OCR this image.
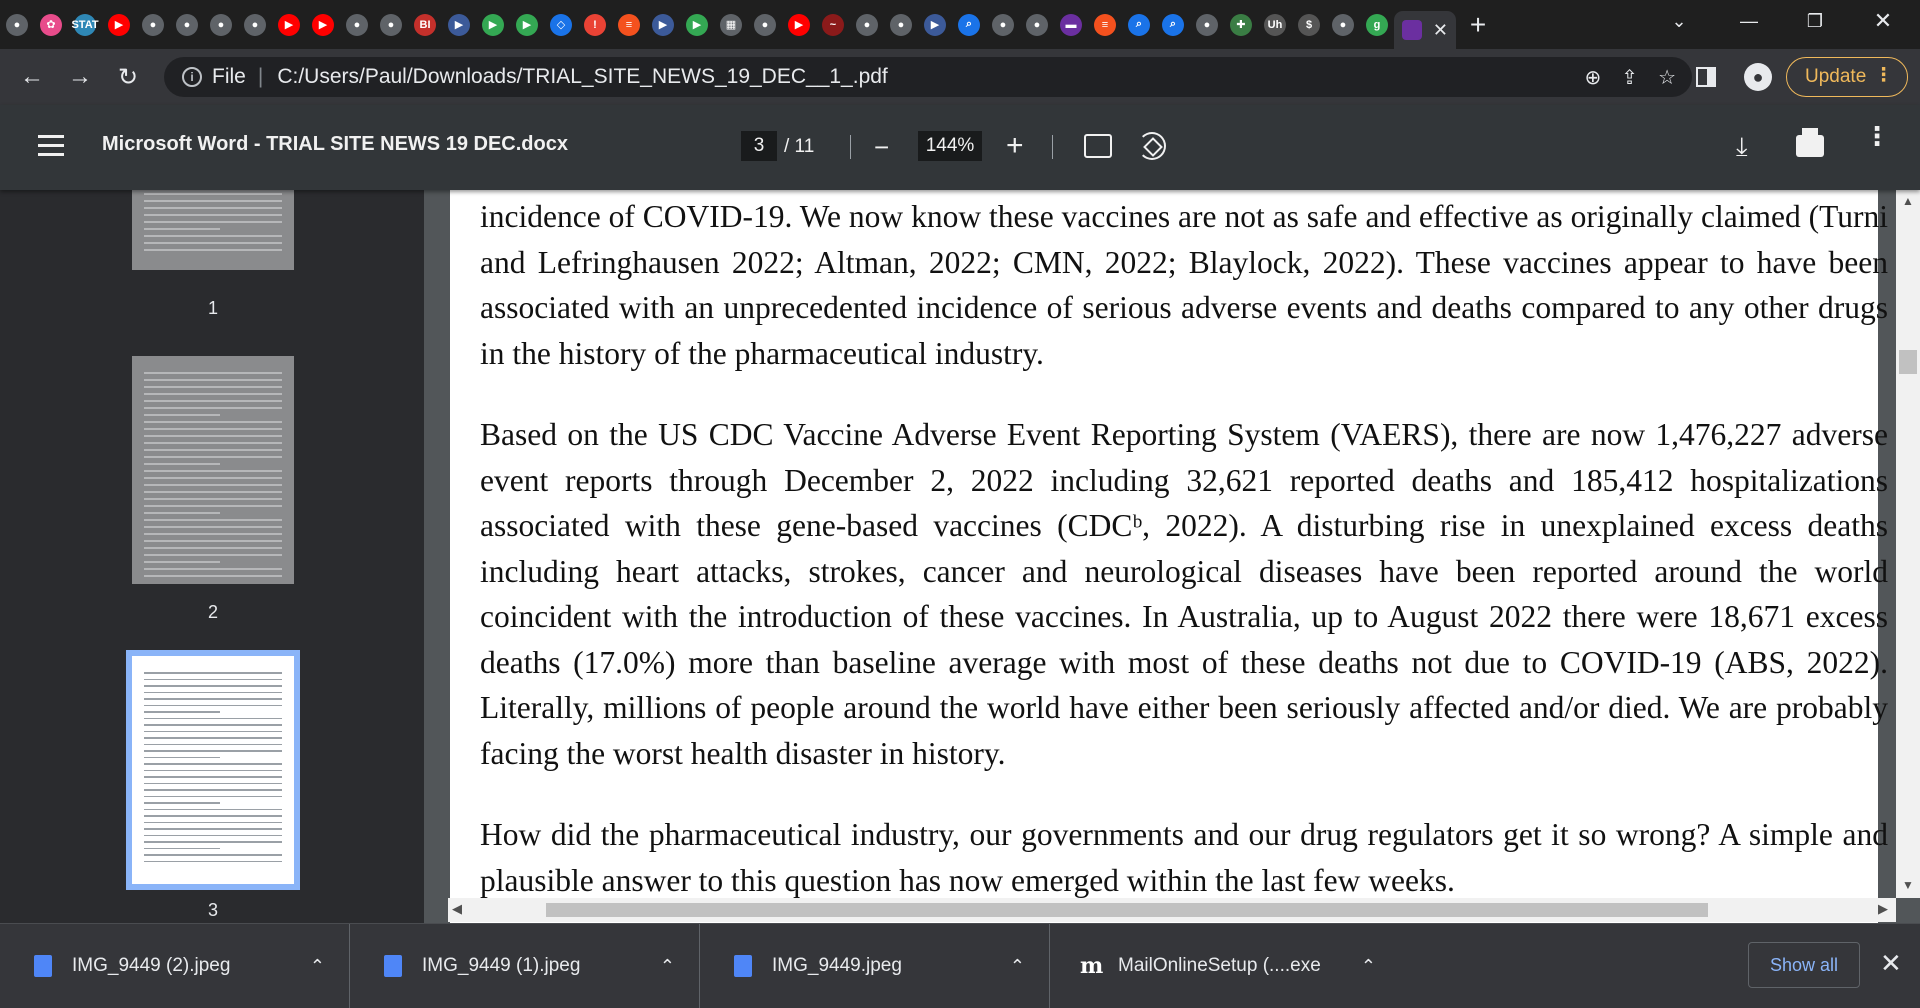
●	✿	STAT	▶	●	●	●	●	▶	▶	●	●	BI	▶	▶	▶	◇	!	≡	▶	▶	▦	●	▶	~	●	●	▶	⌕	●	●	▬	≡	⌕	⌕	●	✚	Uh	$	●	g	✕ +	⌄	—	❐	✕
←	→	↻	i File | C:/Users/Paul/Downloads/TRIAL_SITE_NEWS_19_DEC__1_.pdf	⊕ ⇪ ☆	●	Update ⋮
Microsoft Word - TRIAL SITE NEWS 19 DEC.docx	3	/ 11 −	144% +	⤓	⋮
1
2
3
incidence of COVID-19. We now know these vaccines are not as safe and effective as originally claimed (Turni and Lefringhausen 2022; Altman, 2022; CMN, 2022; Blaylock, 2022). These vaccines appear to have been associated with an unprecedented incidence of serious adverse events and deaths compared to any other drugs in the history of the pharmaceutical industry.
Based on the US CDC Vaccine Adverse Event Reporting System (VAERS), there are now 1,476,227 adverse event reports through December 2, 2022 including 32,621 reported deaths and 185,412 hospitalizations associated with these gene-based vaccines (CDCᵇ, 2022). A disturbing rise in unexplained excess deaths including heart attacks, strokes, cancer and neurological diseases have been reported around the world coincident with the introduction of these vaccines. In Australia, up to August 2022 there were 18,671 excess deaths (17.0%) more than baseline average with most of these deaths not due to COVID-19 (ABS, 2022). Literally, millions of people around the world have either been seriously affected and/or died. We are probably facing the worst health disaster in history.
How did the pharmaceutical industry, our governments and our drug regulators get it so wrong? A simple and plausible answer to this question has now emerged within the last few weeks.
▲
▼
◀	▶
IMG_9449 (2).jpeg	⌃	IMG_9449 (1).jpeg	⌃	IMG_9449.jpeg	⌃	m MailOnlineSetup (....exe ⌃	Show all	✕
